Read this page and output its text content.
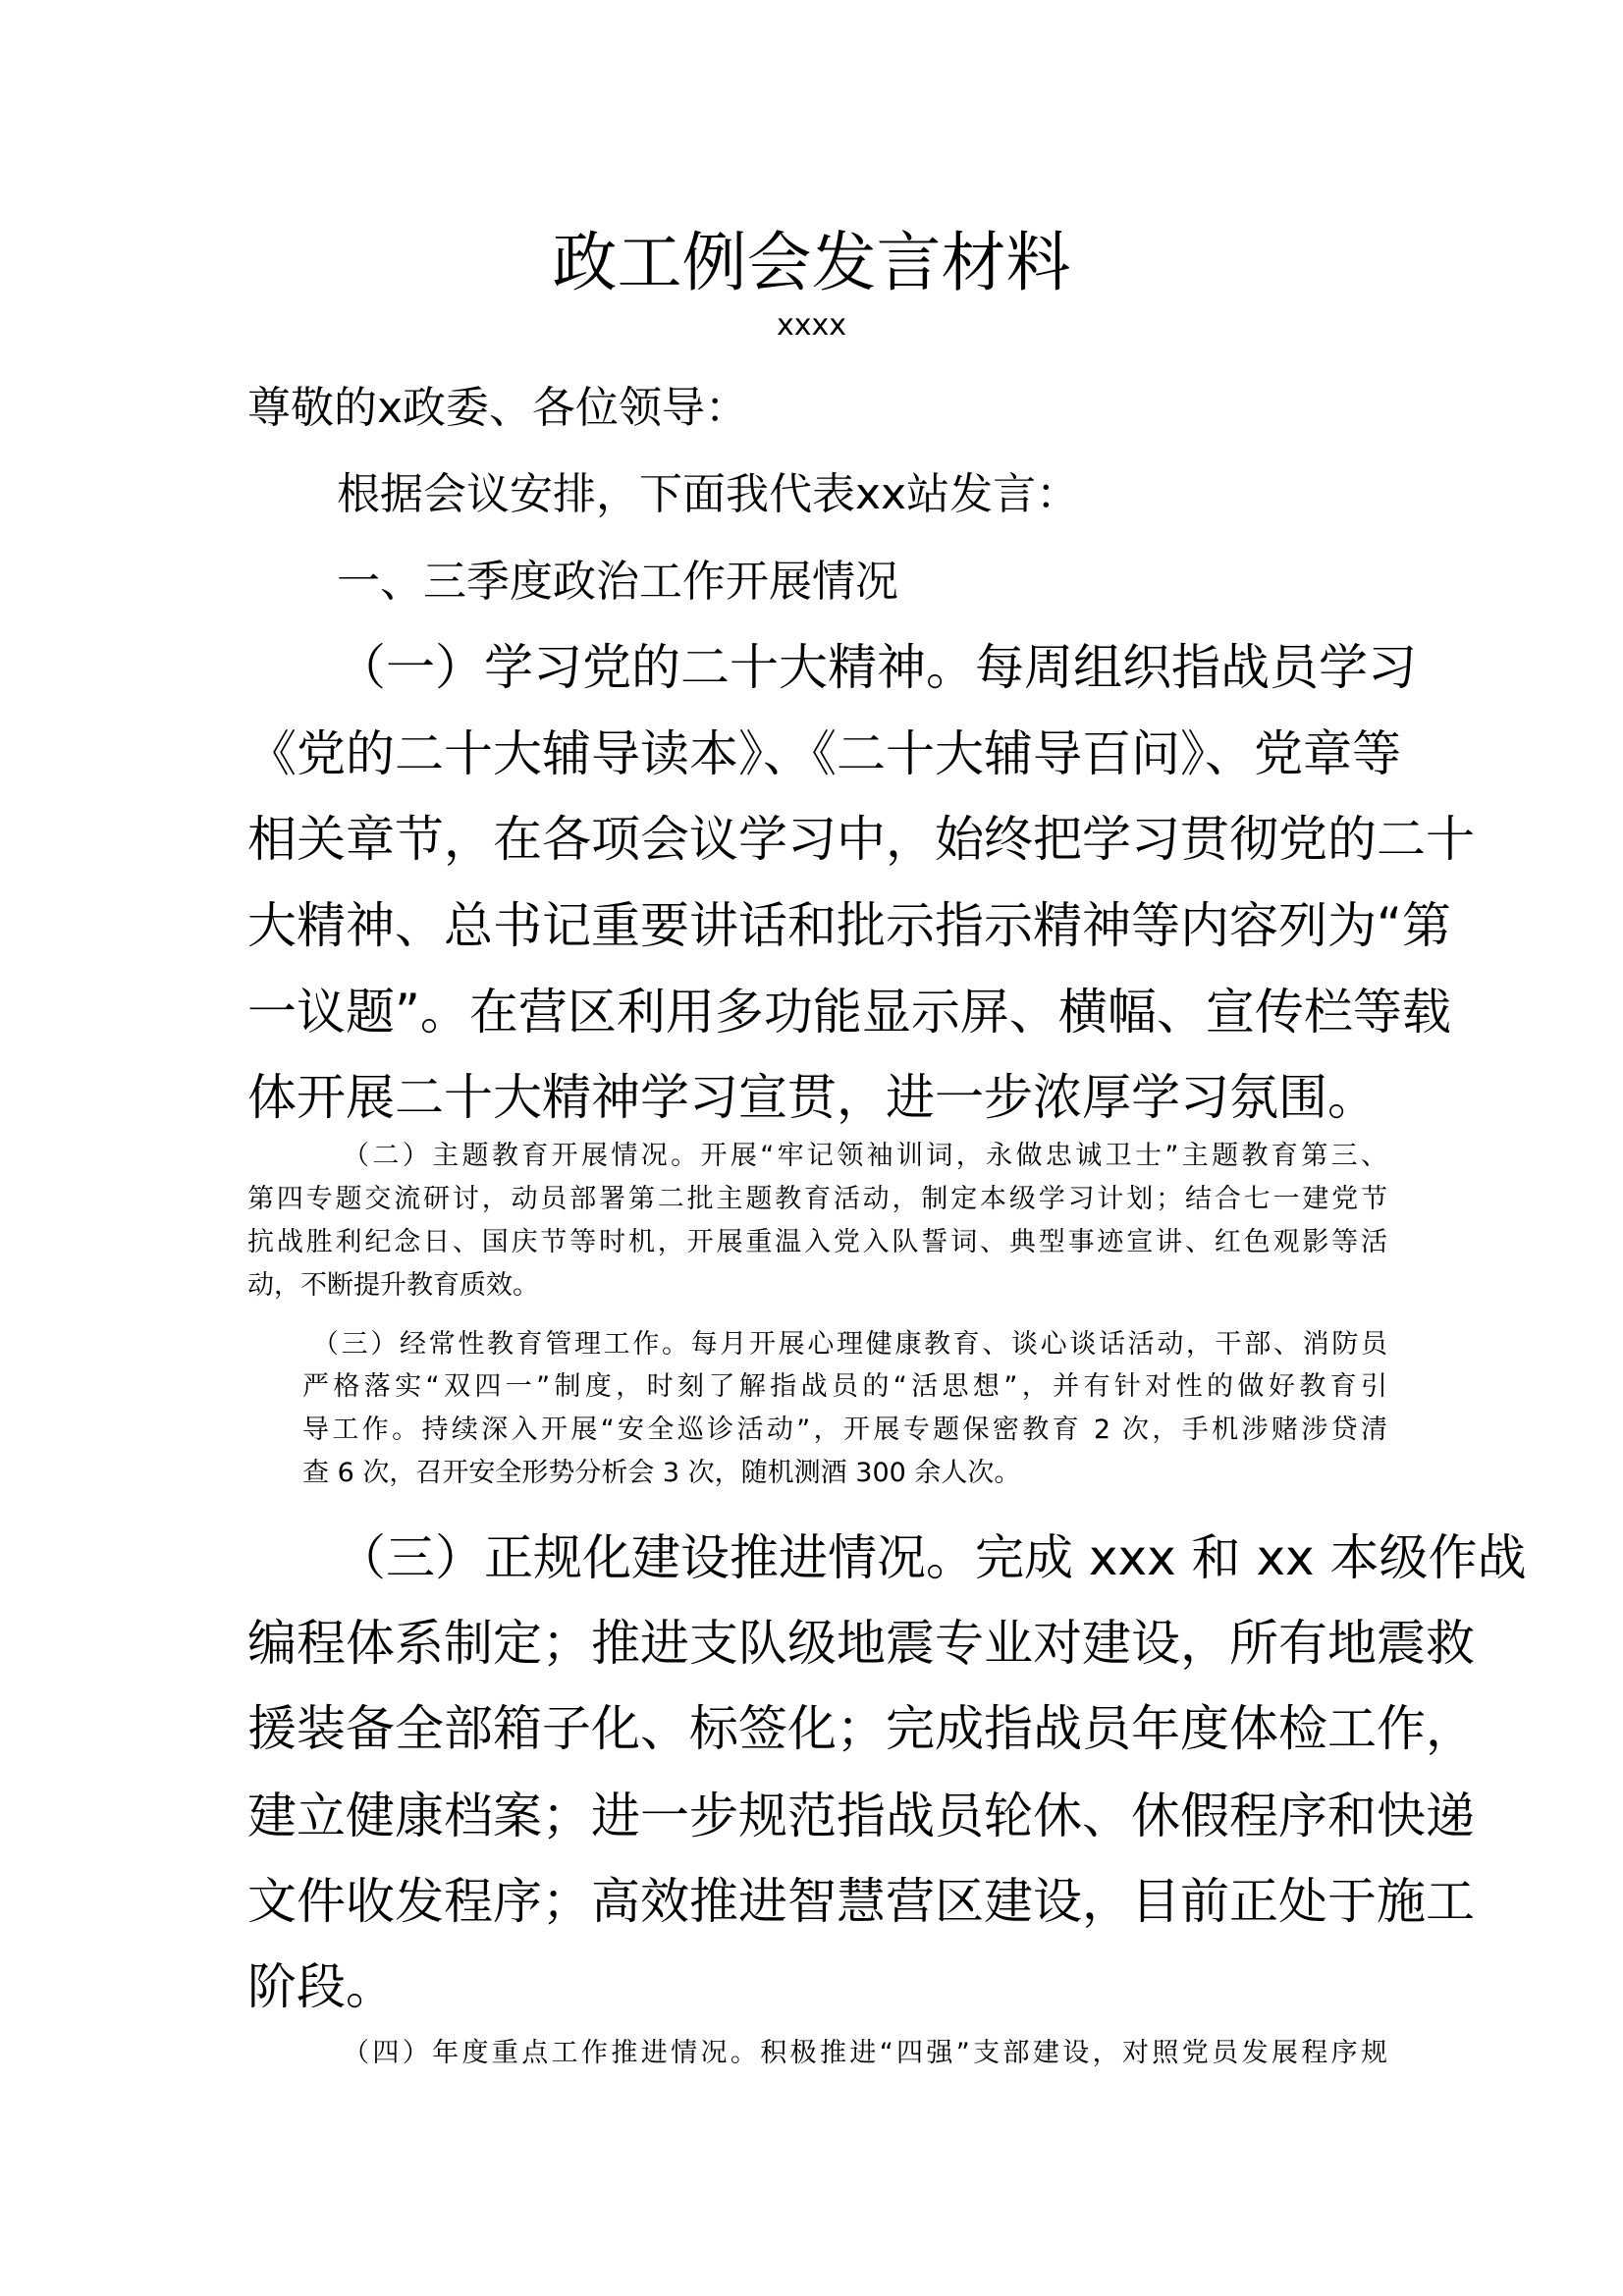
政工例会发言材料
xxxx
尊敬的x政委、各位领导：
根据会议安排，下面我代表xx站发言：
一、三季度政治工作开展情况
（一）学习党的二十大精神。每周组织指战员学习
《党的二十大辅导读本》、《二十大辅导百问》、党章等
相关章节，在各项会议学习中，始终把学习贯彻党的二十
大精神、总书记重要讲话和批示指示精神等内容列为“第
一议题”。在营区利用多功能显示屏、横幅、宣传栏等载
体开展二十大精神学习宣贯，进一步浓厚学习氛围。
（二）主题教育开展情况。开展“牢记领袖训词，永做忠诚卫士”主题教育第三、
第四专题交流研讨，动员部署第二批主题教育活动，制定本级学习计划；结合七一建党节
抗战胜利纪念日、国庆节等时机，开展重温入党入队誓词、典型事迹宣讲、红色观影等活
动，不断提升教育质效。
（三）经常性教育管理工作。每月开展心理健康教育、谈心谈话活动，干部、消防员
严格落实“双四一”制度，时刻了解指战员的“活思想”，并有针对性的做好教育引
导工作。持续深入开展“安全巡诊活动”，开展专题保密教育 2 次，手机涉赌涉贷清
查 6 次，召开安全形势分析会 3 次，随机测酒 300 余人次。
（三）正规化建设推进情况。完成 xxx 和 xx 本级作战
编程体系制定；推进支队级地震专业对建设，所有地震救
援装备全部箱子化、标签化；完成指战员年度体检工作，
建立健康档案；进一步规范指战员轮休、休假程序和快递
文件收发程序；高效推进智慧营区建设，目前正处于施工
阶段。
（四）年度重点工作推进情况。积极推进“四强”支部建设，对照党员发展程序规
